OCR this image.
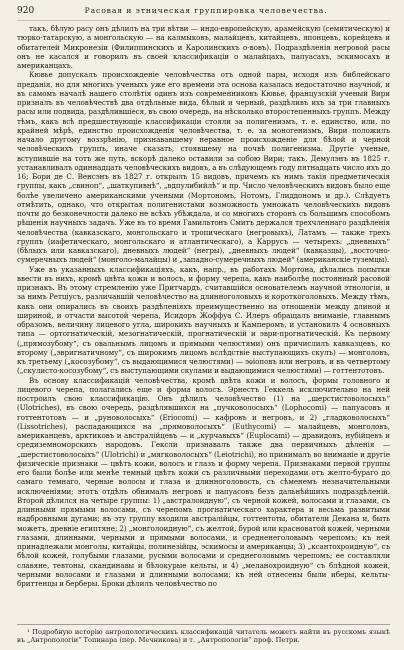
920	Расовая и этническая группировка человечества.

такъ, бѣлую расу онъ дѣлилъ на три вѣтви — индо-европейскую, арамейскую (семитическую) и тюрко-татарскую, а монгольскую — на калмыковъ, малайцевъ, китайцевъ, японцевъ, корейцевъ и обитателей Микронезіи (Филиппинскихъ и Каролинскихъ о-вовъ). Подраздѣленія негровой расы онъ не касался и говорилъ въ своей классификаціи о малайцахъ, папуасахъ, эскимосахъ и американцахъ.

Кювье допускалъ происхожденіе человѣчества отъ одной пары, исходя изъ библейскаго преданія, но для многихъ ученыхъ уже его времени эта основа казалась недостаточно научной, и въ самомъ началѣ нашего столѣтія одинъ изъ современниковъ Кювье, французскій ученый Вири призналъ въ человѣчествѣ два отдѣльные вида, бѣлый и черный, раздѣливъ ихъ за три главныхъ расы или подвида, раздѣлившіеся, въ свою очередь, на нѣсколько второстепенныхъ группъ. Между тѣмъ, какъ всѣ предшествующіе классификаціи стояли за полигенизмъ, т. е. единство, или, по крайней мѣрѣ, единство происхожденія человѣчества, т. е. за моногенизмъ, Вири положилъ начало другому воззрѣнію, признававшему неравное происхожденіе для бѣлой и черной человѣческихъ группъ, иначе сказать, стоявшему на почвѣ полигенизма. Другіе ученые, вступившіе на тотъ же путь, вскорѣ далеко оставили за собою Вири; такъ, Демулэнъ въ 1825 г. устанавливалъ одиннадцать человѣческихъ видовъ, а въ слѣдующемъ году пятнадцать число ихъ до 16; Бори де С. Венсэнъ въ 1827 г. открылъ 15 видовъ, причемъ къ нимъ такія предметическія группы, какъ „свиноп“, „шаткупивнѣ“, „вдпулибийлѣ“ и пр. Число человѣческихъ видовъ было еще болѣе увеличено американскими учеными (Мортономъ, Нотомъ, Глиддономъ и др.). Слѣдуетъ отмѣтить, однако, что открытая полигенистами возможность умножать человѣческихъ видовъ почти до безконечности далеко не всѣхъ убѣждала, и со многихъ сторонъ съ большимъ способомъ рѣшенія научныхъ задачъ. Уже въ то время Гамильтонъ Смитъ держался трехчленнаго раздѣленія человѣчества (кавказскаго, монгольскаго и тропическаго (негровыхъ), Латамъ — также трехъ группъ (иафетическаго, монгольскаго и атлантическаго), а Каррусъ — четырехъ: „дневныхъ“ (бѣлыхъ или кавказскаго), дневныхъ людей“ (негры), „дневныхъ людей“ (кавказцы), „восточно-сумеречныхъ людей“ (монголо-малайцы) и „западно-сумеречныхъ людей“ (американскіе туземцы).

Уже въ указанныхъ классификаціяхъ, какъ, напр., въ работахъ Мортона, дѣлались попытки ввести въ нихъ, кромѣ цвѣта кожи и волосъ, и форму черепа, какъ наиболѣе постоянный расовой признакъ. Въ этому стремленію уже Притчардъ, считавшійся основателемъ научной этнологіи, и за нимъ Ретціусъ, различавшій человѣчество на длинноголовыхъ и короткоголовыхъ. Между тѣмъ, какъ они опирались въ своихъ раздѣленіяхъ преимущественно на отношеніи между длиной и шириной, и отчасти высотой черепа, Исидоръ Жоффуа С. Илеръ обращалъ вниманіе, главнымъ образомъ, величину лицевого угла, широкихъ научныхъ и Камперомъ, и установилъ 4 основныхъ типа — ортогнатическій, мезогнатическій, прогнатическій и эври-прогнатическій. Къ первому („прямозубому“, съ овальнымъ лицомъ и прямыми челюстями) онъ причислилъ кавказцевъ, ко второму („эвригнатичному“, съ широкимъ лицомъ вслѣдствіе выступающихъ скулъ) — монголовъ, къ третьему („косозубому“, съ выдающимися челюстями) — эѳіоповъ или негровъ, и въ четвертому („скулисто-косозубому“, съ выступающими скулами и выдающимися челюстями) — готтентотовъ.

Въ основу классификацій человѣчества, кромѣ цвѣта кожи и волосъ, формы головного и лицевого черепа, полагались еще и форма волосъ. Эрнестъ Геккель исключительно на ней построилъ свою классификацію. Онъ дѣлилъ человѣчество (1) на „шерстистоволосыхъ“ (Ulotriches), въ свою очередь, раздѣлявшихся на „пучковолосыхъ“ (Lophocomi) — папуасовъ и готтентотовъ — и „руноволосыхъ“ (Eriocomi) — кафровъ и негровъ, и 2) „гладковолосыхъ“ (Lissotriches), распадающихся на „прямоволосыхъ“ (Euthycomi) — малайцевъ, монголовъ, американцевъ, арктиковъ и австралійцевъ — и „курчавыхъ“ (Euplocami) — дравидовъ, нубійцевъ и средиземноморскихъ народовъ. Гексли признавалъ также два первичныхъ дѣленія — „шерстистоволосыхъ“ (Ulotrichi) и „мягковолосыхъ“ (Leiotrichi), но принималъ во вниманіе и другіе физическіе признаки — цвѣтъ кожи, волосъ и глазъ и форму черепа. Признаками первой группы его были болѣе или менѣе темный цвѣтъ кожи съ различными переходами отъ желто-бураго до самаго темнаго, черные волосы и глаза и длинноголовость, съ сѣменемъ незначительными исключеніями; этотъ отдѣлъ обнималъ негровъ и папуасовъ безъ дальнѣйшихъ подраздѣленій. Второй дѣлился на четыре группы: 1) „австралоидную“, съ черной кожей, волосами и глазами, съ длинными прямыми волосами, съ черепомъ прогнатическаго характера и весьма развитыми надбровными дугами; въ эту группу входили австралійцы, готтентоты, обитатели Декана и, быть можетъ, древніе египтяне; 2) „монголоидную“, съ желтой, бурой или красноватой кожей, черными глазами, длинными, черными и прямыми волосами, и средненеголовымъ черепомъ; къ ней принадлежали монголы, китайцы, полинезійцы, эскимосы и американцы; 3) „ксантохроидную“, съ бѣлой кожей, голубыми глазами, русыми волосами и среднеголовымъ черепомъ; ее составляли славяне, тевтоны, скандинавы и бѣлокурые кельты, и 4) „меланохроидную“ съ блѣдной кожей, черными волосами и глазами и длинными волосами; къ ней отнесены были иберы, кельты-бриттенцы и берберы. Броки дѣлилъ человѣчество по

¹ Подробную исторію антропологическихъ классификацій читатель можетъ найти въ русскомъ языкѣ въ „Антропологіи“ Топинара (пер. Мечникова) и т. „Антропологіи“ проф. Петри.
